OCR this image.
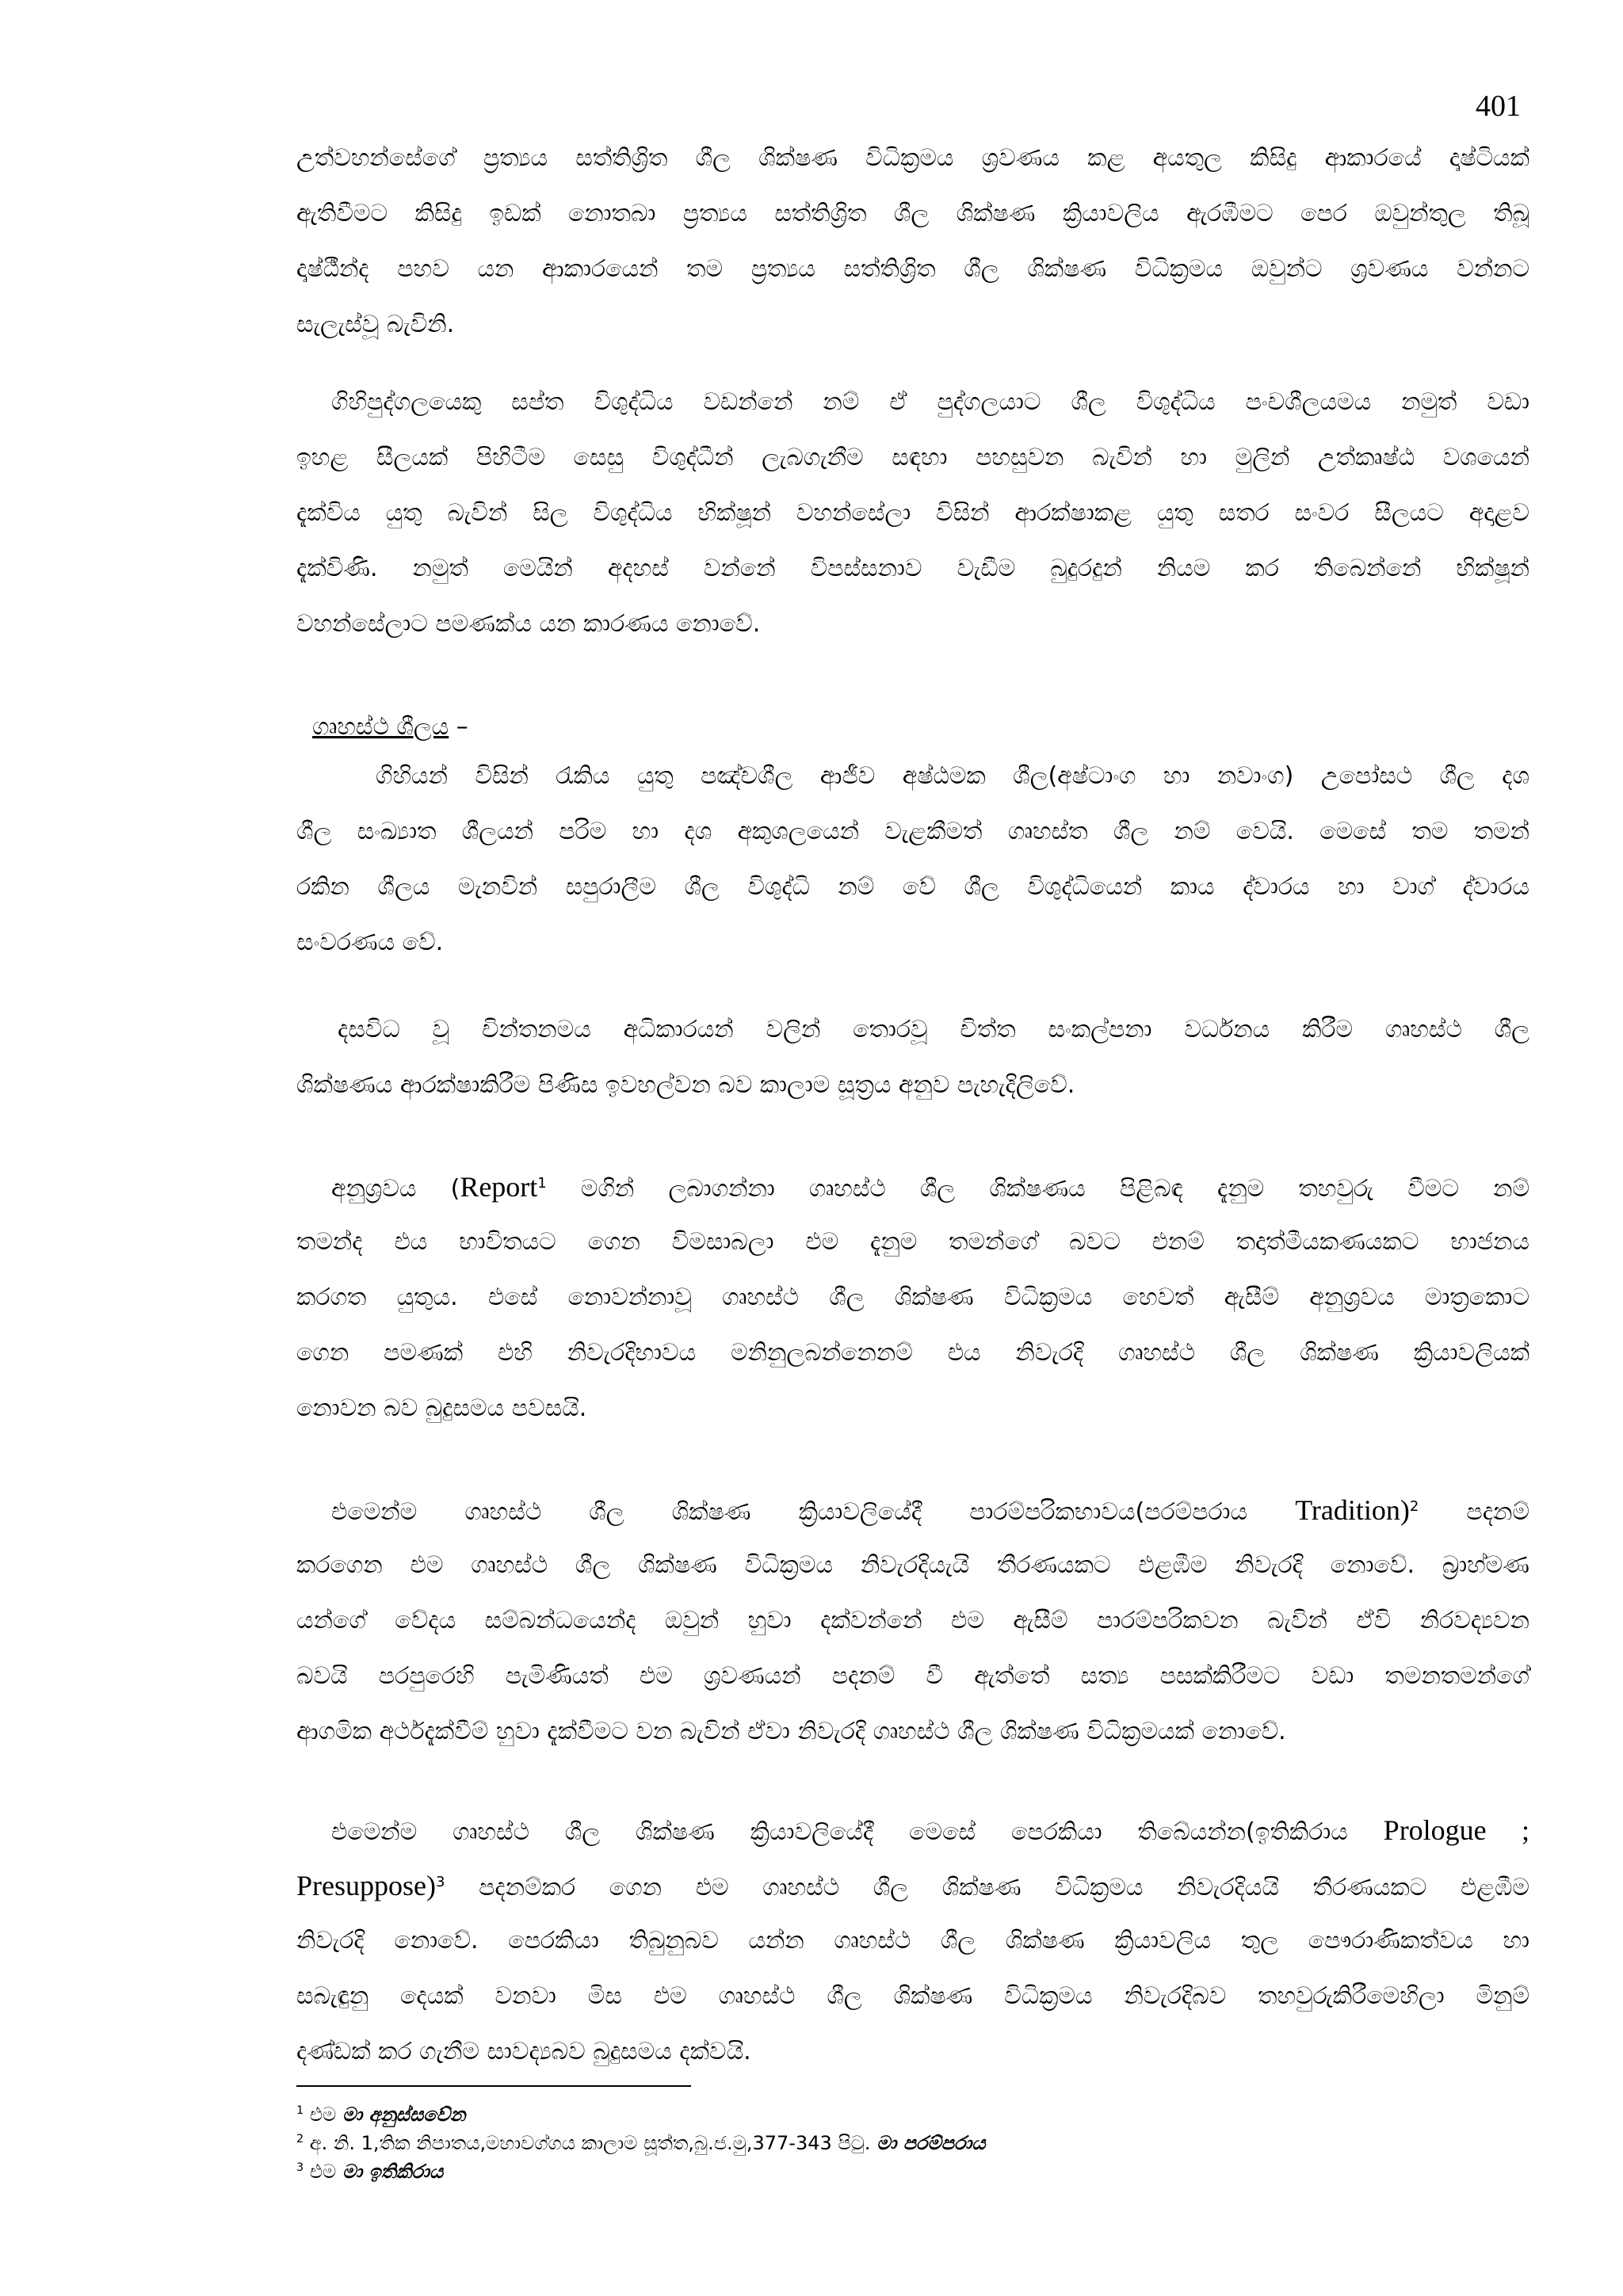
401
උත්වහන්සේගේ ප්‍රත්‍යය සත්තිශ්‍රිත ශීල ශික්ෂණ විධික්‍රමය ශ්‍රවණය කළ අයතුල කිසිදු ආකාරයේ දෘෂ්ටියක්
ඇතිවීමට කිසිදු ඉඩක් නොතබා ප්‍රත්‍යය සත්තිශ්‍රිත ශීල ශික්ෂණ ක්‍රියාවලිය ඇරඹීමට පෙර ඔවුන්තුල තිබූ
දෘෂ්ඨීන්ද පහව යන ආකාරයෙන් තම ප්‍රත්‍යය සත්තිශ්‍රිත ශීල ශික්ෂණ විධික්‍රමය ඔවුන්ට ශ්‍රවණය වන්නට
සැලැස්වූ බැවිනි.
ගිහිපුද්ගලයෙකු සප්ත විශුද්ධිය වඩන්නේ නම් ඒ පුද්ගලයාට ශීල විශුද්ධිය පංචශීලයමය නමුත් වඩා
ඉහළ සීලයක් පිහිටීම සෙසු විශුද්ධීන් ලැබගැනීම සඳහා පහසුවන බැවින් හා මුලින් උත්කෘෂ්ඨ වශයෙන්
දැක්විය යුතු බැවින් සිල විශුද්ධිය භික්ෂූන් වහන්සේලා විසින් ආරක්ෂාකළ යුතු සතර සංවර සීලයට අදාළව
දැක්විණි. නමුත් මෙයින් අදහස් වන්නේ විපස්සනාව වැඩීම බුදුරදුන් නියම කර තිබෙන්නේ භික්ෂූන්
වහන්සේලාට පමණක්ය යන කාරණය නොවේ.
ගෘහස්ථ ශීලය –
ගිහියන් විසින් රැකිය යුතු පඤ්චශීල ආජීව අෂ්ඨමක ශීල(අෂ්ටාංග හා නවාංග) උපෝසථ ශීල දශ
ශීල සංඛ්‍යාත ශීලයන් පරිම හා දශ අකුශලයෙන් වැළකීමත් ගෘහස්ත ශීල නම් වෙයි. මෙසේ තම තමන්
රකින ශීලය මැනවින් සපුරාලීම ශීල විශුද්ධි නම් වේ ශීල විශුද්ධියෙන් කාය ද්වාරය හා වාග් ද්වාරය
සංවරණය වේ.
දසවිධ වූ චින්තනමය අධිකාරයන් වලින් තොරවූ චිත්ත සංකල්පනා වර්ධනය කිරීම ගෘහස්ථ ශීල
ශික්ෂණය ආරක්ෂාකිරීම පිණිස ඉවහල්වන බව කාලාම සූත්‍රය අනුව පැහැදිලිවේ.
අනුශ්‍රවය (Report$^1$ මගින් ලබාගන්නා ගෘහස්ථ ශීල ශික්ෂණය පිළිබඳ දැනුම තහවුරු වීමට නම්
තමන්ද එය භාවිතයට ගෙන විමසාබලා එම දැනුම තමන්ගේ බවට එනම් තදාත්මීයකණයකට භාජනය
කරගත යුතුය. එසේ නොවන්නාවූ ගෘහස්ථ ශීල ශික්ෂණ විධික්‍රමය හෙවත් ඇසීම් අනුශ්‍රවය මාත්‍රකොට
ගෙන පමණක් එහි නිවැරදිභාවය මනිනුලබන්නෙනම් එය නිවැරදි ගෘහස්ථ ශීල ශික්ෂණ ක්‍රියාවලියක්
නොවන බව බුදුසමය පවසයි.
එමෙන්ම ගෘහස්ථ ශීල ශික්ෂණ ක්‍රියාවලියේදී පාරම්පරිකභාවය(පරම්පරාය Tradition)$^2$ පදනම්
කරගෙන එම ගෘහස්ථ ශීල ශික්ෂණ විධික්‍රමය නිවැරදියැයි තීරණයකට එළඹීම නිවැරදි නොවේ. බ්‍රාහ්මණ
යන්ගේ වේදය සම්බන්ධයෙන්ද ඔවුන් හුවා දක්වන්නේ එම ඇසීම් පාරම්පරිකවන බැවින් ඒවි නිරවද්‍යවන
බවයි පරපුරෙහි පැමිණියත් එම ශ්‍රවණයන් පදනම් වී ඇත්තේ සත්‍ය පසක්කිරීමට වඩා තමනතමන්ගේ
ආගමික අර්ථදැක්වීම් හුවා දැක්වීමට වන බැවින් ඒවා නිවැරදි ගෘහස්ථ ශීල ශික්ෂණ විධික්‍රමයක් නොවේ.
එමෙන්ම ගෘහස්ථ ශීල ශික්ෂණ ක්‍රියාවලියේදී මෙසේ පෙරකියා තිබේයන්න(ඉතිකිරාය Prologue ;
Presuppose)$^3$ පදනම්කර ගෙන එම ගෘහස්ථ ශීල ශික්ෂණ විධික්‍රමය නිවැරදියයි තීරණයකට එළඹීම
නිවැරදි නොවේ. පෙරකියා තිබුනුබව යන්න ගෘහස්ථ ශීල ශික්ෂණ ක්‍රියාවලිය තුල පෞරාණිකත්වය හා
සබැඳුනු දෙයක් වනවා මිස එම ගෘහස්ථ ශීල ශික්ෂණ විධික්‍රමය නිවැරදිබව තහවුරුකිරීමෙහිලා මිනුම්
දණ්ඩක් කර ගැනීම සාවද්‍යබව බුදුසමය දක්වයි.
$^1$ එම මා අනුස්සවේන
$^2$ අ. නි. 1,තික නිපාතය,මහාවග්ගය කාලාම සූත්ත,බු.ජ.මු,377-343 පිටු. මා පරම්පරාය
$^3$ එම මා ඉතිකිරාය
